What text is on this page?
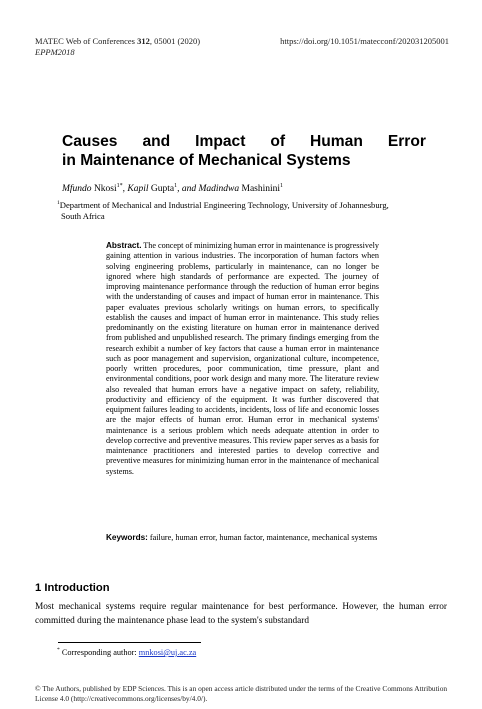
MATEC Web of Conferences 312, 05001 (2020)
EPPM2018
https://doi.org/10.1051/matecconf/202031205001
Causes and Impact of Human Error
in Maintenance of Mechanical Systems
Mfundo Nkosi$^{1*}$, Kapil Gupta$^1$, and Madindwa Mashinini$^1$
$^1$Department of Mechanical and Industrial Engineering Technology, University of Johannesburg,
South Africa
Abstract. The concept of minimizing human error in maintenance is progressively gaining attention in various industries. The incorporation of human factors when solving engineering problems, particularly in maintenance, can no longer be ignored where high standards of performance are expected. The journey of improving maintenance performance through the reduction of human error begins with the understanding of causes and impact of human error in maintenance. This paper evaluates previous scholarly writings on human errors, to specifically establish the causes and impact of human error in maintenance. This study relies predominantly on the existing literature on human error in maintenance derived from published and unpublished research. The primary findings emerging from the research exhibit a number of key factors that cause a human error in maintenance such as poor management and supervision, organizational culture, incompetence, poorly written procedures, poor communication, time pressure, plant and environmental conditions, poor work design and many more. The literature review also revealed that human errors have a negative impact on safety, reliability, productivity and efficiency of the equipment. It was further discovered that equipment failures leading to accidents, incidents, loss of life and economic losses are the major effects of human error. Human error in mechanical systems' maintenance is a serious problem which needs adequate attention in order to develop corrective and preventive measures. This review paper serves as a basis for maintenance practitioners and interested parties to develop corrective and preventive measures for minimizing human error in the maintenance of mechanical systems.
Keywords: failure, human error, human factor, maintenance, mechanical systems
1 Introduction
Most mechanical systems require regular maintenance for best performance. However, the human error committed during the maintenance phase lead to the system's substandard
* Corresponding author: mnkosi@uj.ac.za
© The Authors, published by EDP Sciences. This is an open access article distributed under the terms of the Creative Commons Attribution License 4.0 (http://creativecommons.org/licenses/by/4.0/).
